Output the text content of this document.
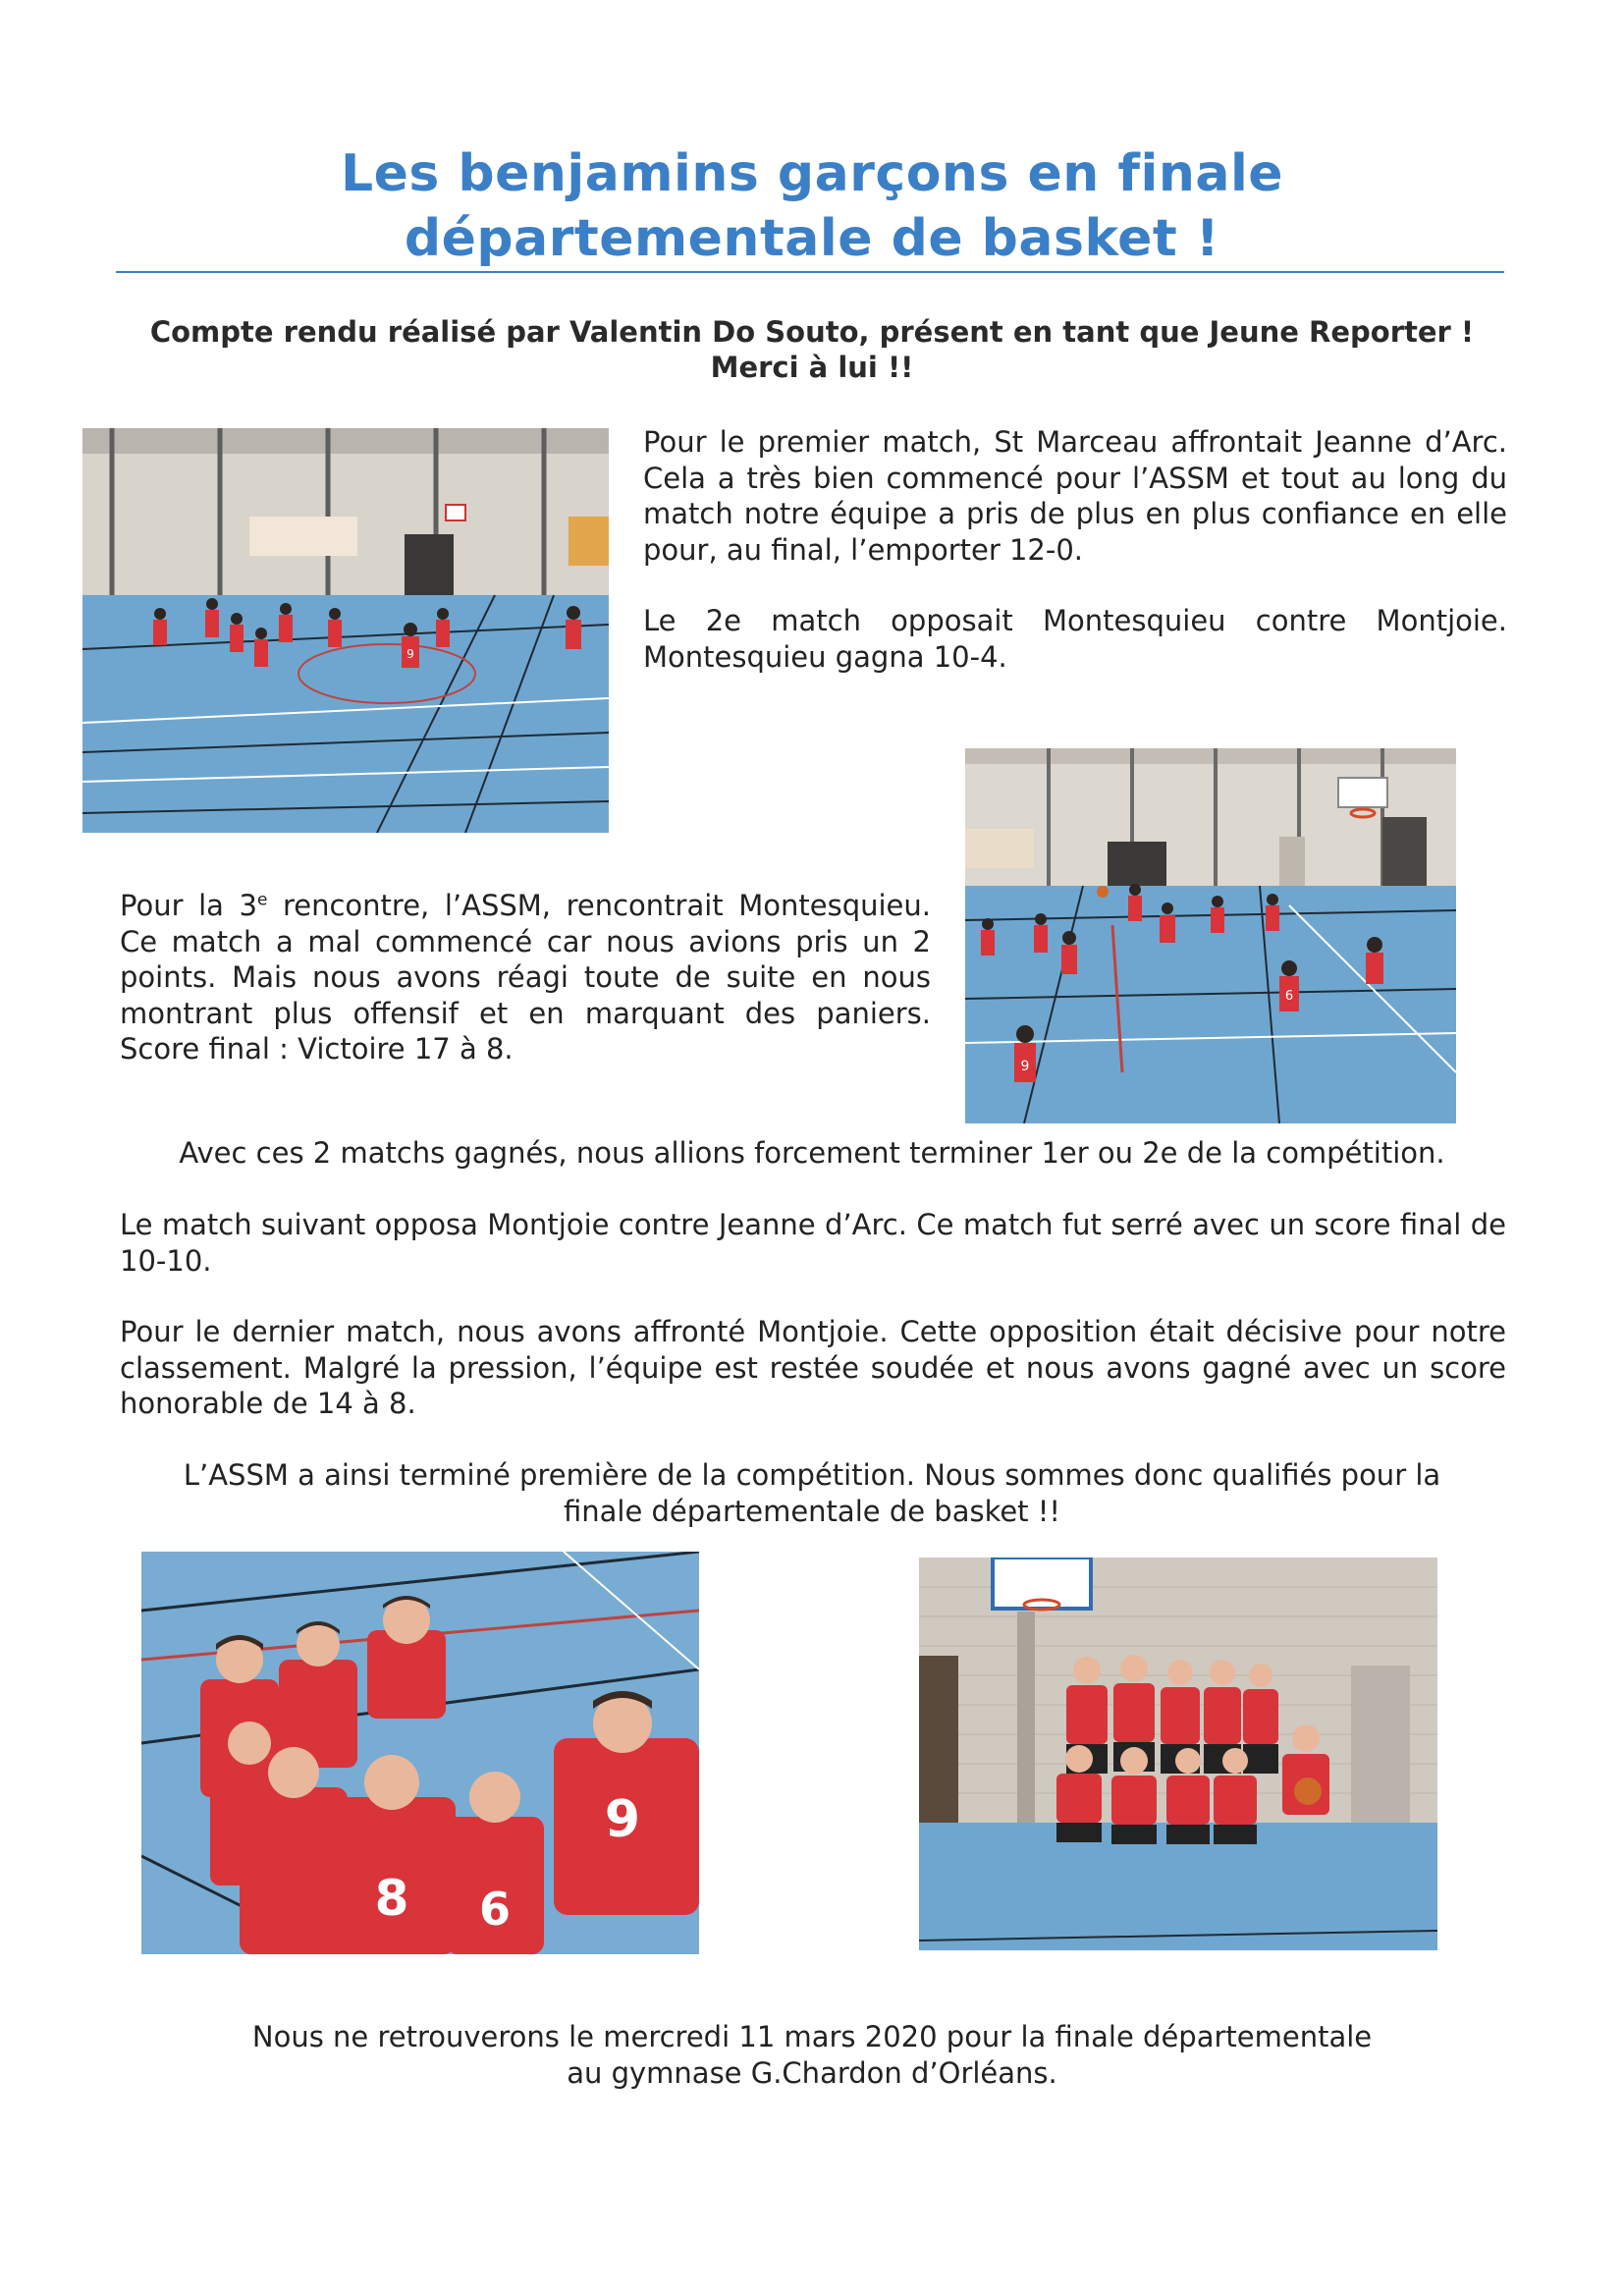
Les benjamins garçons en finale
départementale de basket !
Compte rendu réalisé par Valentin Do Souto, présent en tant que Jeune Reporter !
Merci à lui !!
9

Pour le premier match, St Marceau affrontait Jeanne d’Arc. Cela a très bien commencé pour l’ASSM et tout au long du match notre équipe a pris de plus en plus confiance en elle pour, au final, l’emporter 12-0.

Le 2e match opposait Montesquieu contre Montjoie. Montesquieu gagna 10-4.

6
9

Pour la 3e rencontre, l’ASSM, rencontrait Montesquieu. Ce match a mal commencé car nous avions pris un 2 points. Mais nous avons réagi toute de suite en nous montrant plus offensif et en marquant des paniers. Score final : Victoire 17 à 8.

Avec ces 2 matchs gagnés, nous allions forcement terminer 1er ou 2e de la compétition.

Le match suivant opposa Montjoie contre Jeanne d’Arc. Ce match fut serré avec un score final de 10-10.

Pour le dernier match, nous avons affronté Montjoie. Cette opposition était décisive pour notre classement. Malgré la pression, l’équipe est restée soudée et nous avons gagné avec un score honorable de 14 à 8.

L’ASSM a ainsi terminé première de la compétition. Nous sommes donc qualifiés pour la
finale départementale de basket !!

9
8 6

Nous ne retrouverons le mercredi 11 mars 2020 pour la finale départementale
au gymnase G.Chardon d’Orléans.
